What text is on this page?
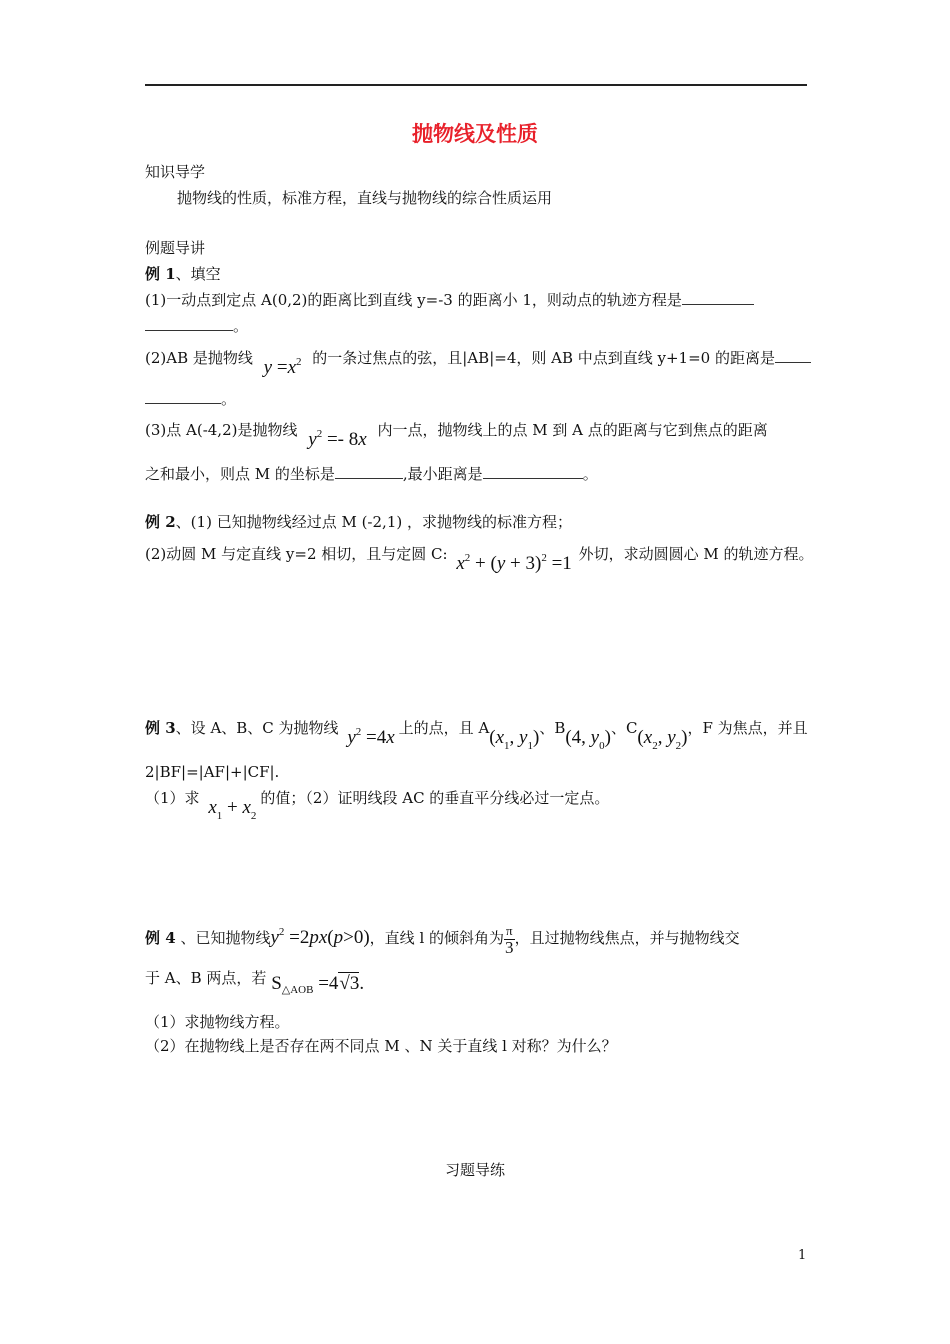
抛物线及性质
知识导学
抛物线的性质，标准方程，直线与抛物线的综合性质运用
例题导讲
例 1、填空
(1)一动点到定点 A(0,2)的距离比到直线 y=-3 的距离小 1，则动点的轨迹方程是
。
(2)AB 是抛物线 $y =x^2$ 的一条过焦点的弦，且|AB|=4，则 AB 中点到直线 y+1=0 的距离是
。
(3)点 A(-4,2)是抛物线 $y^2 =- 8x$ 内一点，抛物线上的点 M 到 A 点的距离与它到焦点的距离
之和最小，则点 M 的坐标是	,最小距离是	。
例 2、(1) 已知抛物线经过点 M (-2,1) ，求抛物线的标准方程；
(2)动圆 M 与定直线 y=2 相切，且与定圆 C: $x^2 + (y + 3)^2 =1$ 外切，求动圆圆心 M 的轨迹方程。
例 3、设 A、B、C 为抛物线 $y^2 =4x$ 上的点，且 $A(x_1$, $y_1$)、B(4, $y_0$)、$C(x_2$, $y_2$)，F 为焦点，并且
2|BF|=|AF|+|CF|.
（1）求 $x_1 + x_2$的值；（2）证明线段 AC 的垂直平分线必过一定点。
例 4 、已知抛物线$y^2 =2px(p>0)$，直线 l 的倾斜角为 $\frac{\pi}{3}$ ，且过抛物线焦点，并与抛物线交
于 A、B 两点，若 $S_{\triangle AOB} =4√3$.
（1）求抛物线方程。
（2）在抛物线上是否存在两不同点 M 、N 关于直线 l 对称？为什么？
习题导练
1
